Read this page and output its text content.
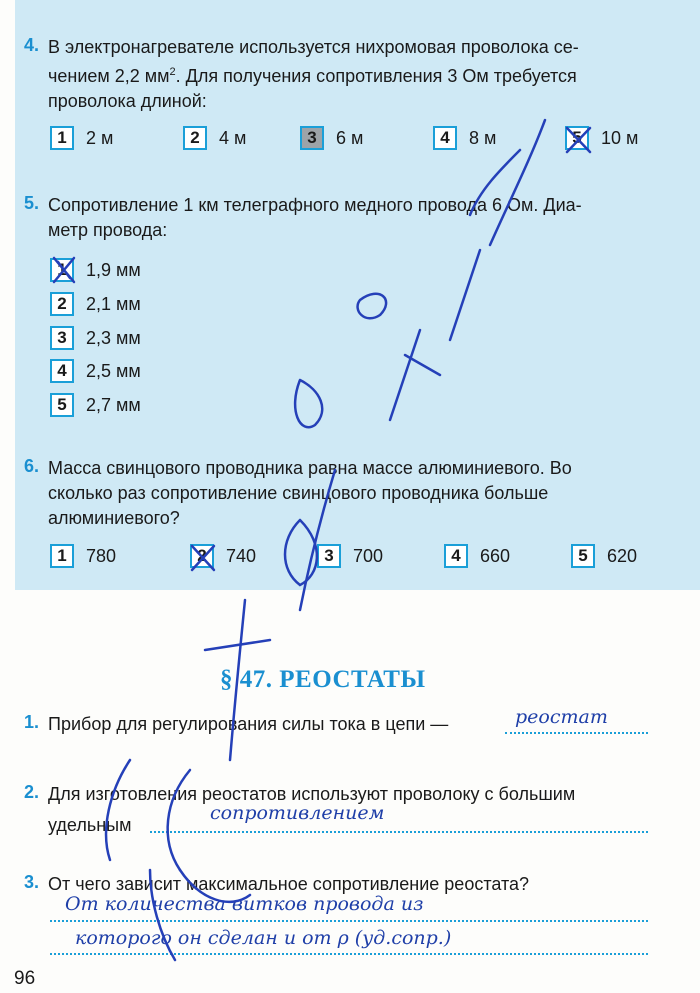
4. В электронагревателе используется нихромовая проволока се-
чением 2,2 $мм^2$. Для получения сопротивления 3 Ом требуется
проволока длиной:
1	2 м	2	4 м	3	6 м	4	8 м	5	10 м
5. Сопротивление 1 км телеграфного медного провода 6 Ом. Диа-
метр провода:
1	1,9 мм
2	2,1 мм
3	2,3 мм
4	2,5 мм
5	2,7 мм
6. Масса свинцового проводника равна массе алюминиевого. Во
сколько раз сопротивление свинцового проводника больше
алюминиевого?
1	780	2	740	3	700	4	660	5	620
§ 47. РЕОСТАТЫ
1. Прибор для регулирования силы тока в цепи —	реостат
2. Для изготовления реостатов используют проволоку с большим
удельным
сопротивлением
3. От чего зависит максимальное сопротивление реостата?
От количества витков провода из
которого он сделан и от ρ (уд.сопр.)
96
